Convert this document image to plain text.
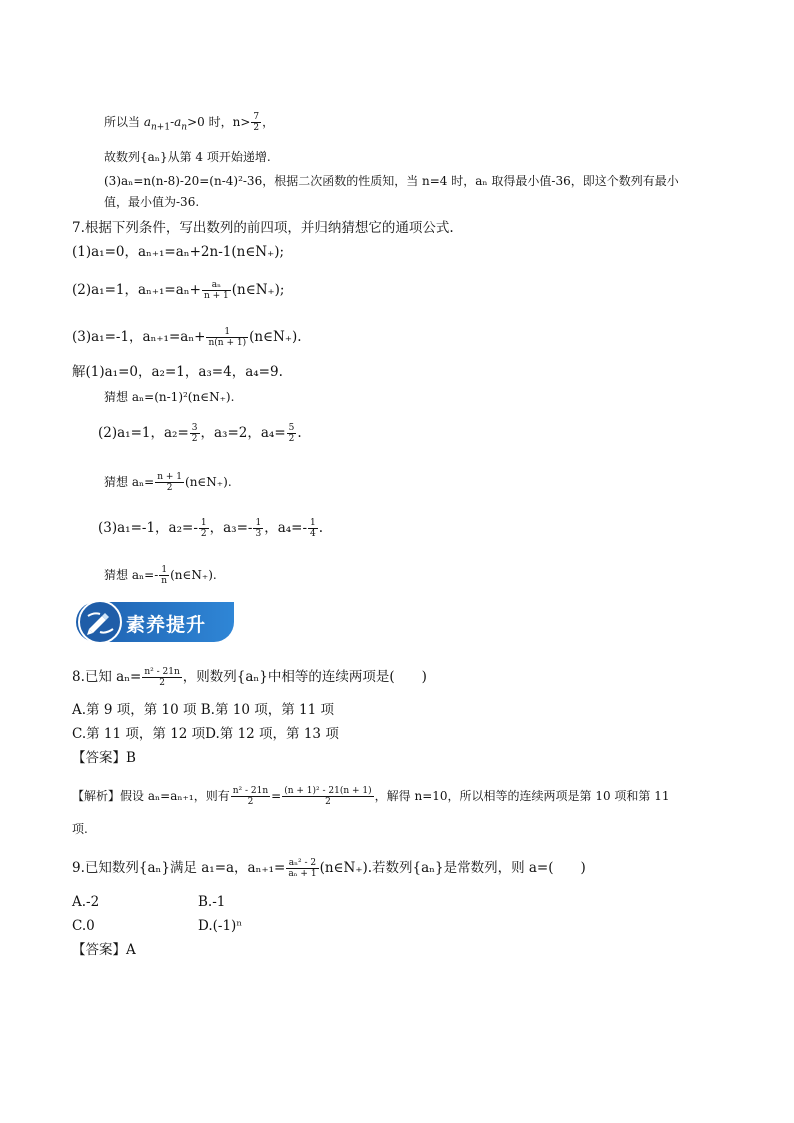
所以当 $a_{n+1}-a_n>0$ 时，$n> \frac{7}{2}$ ，
故数列{aₙ}从第 4 项开始递增.
(3)aₙ=n(n-8)-20=(n-4)²-36，根据二次函数的性质知，当 n=4 时，aₙ 取得最小值-36，即这个数列有最小
值，最小值为-36.
7.根据下列条件，写出数列的前四项，并归纳猜想它的通项公式.
(1)a₁=0，aₙ₊₁=aₙ+2n-1(n∈N₊);
(2)a₁=1，$a_{n+1}=a_n+ \frac{\text{aₙ}}{n + 1}$ (n∈N₊);
(3)a₁=-1，$a_{n+1}=a_n+ \frac{1}{n(n + 1)}$ (n∈N₊).
解(1)a₁=0，a₂=1，a₃=4，a₄=9.
猜想 aₙ=(n-1)²(n∈N₊).
(2)a₁=1，$a_2= \frac{3}{2}$ ，a₃=2，$a_4= \frac{5}{2}$ .
猜想 $a_n= \frac{n + 1}{2}$ (n∈N₊).
(3)a₁=-1，$a_2=- \frac{1}{2}$ ，$a_3=- \frac{1}{3}$ ，$a_4=- \frac{1}{4}$ .
猜想 $a_n=- \frac{1}{n}$ (n∈N₊).
素养提升
8.已知 $a_n= \frac{\text{n² - 21n}}{2}$ ，则数列{aₙ}中相等的连续两项是(　　)
A.第 9 项，第 10 项 B.第 10 项，第 11 项
C.第 11 项，第 12 项D.第 12 项，第 13 项
【答案】B
【解析】假设 aₙ=aₙ₊₁，则有 $\frac{\text{n² - 21n}}{2} = \frac{\text{(n + 1)² - 21(n + 1)}}{2}$ ，解得 n=10，所以相等的连续两项是第 10 项和第 11
项.
9.已知数列{aₙ}满足 a₁=a，$a_{n+1}= \frac{\text{aₙ² - 2}}{\text{aₙ + 1}}$ (n∈N₊).若数列{aₙ}是常数列，则 a=(　　)
A.-2	B.-1
C.0	D.(-1)ⁿ
【答案】A
